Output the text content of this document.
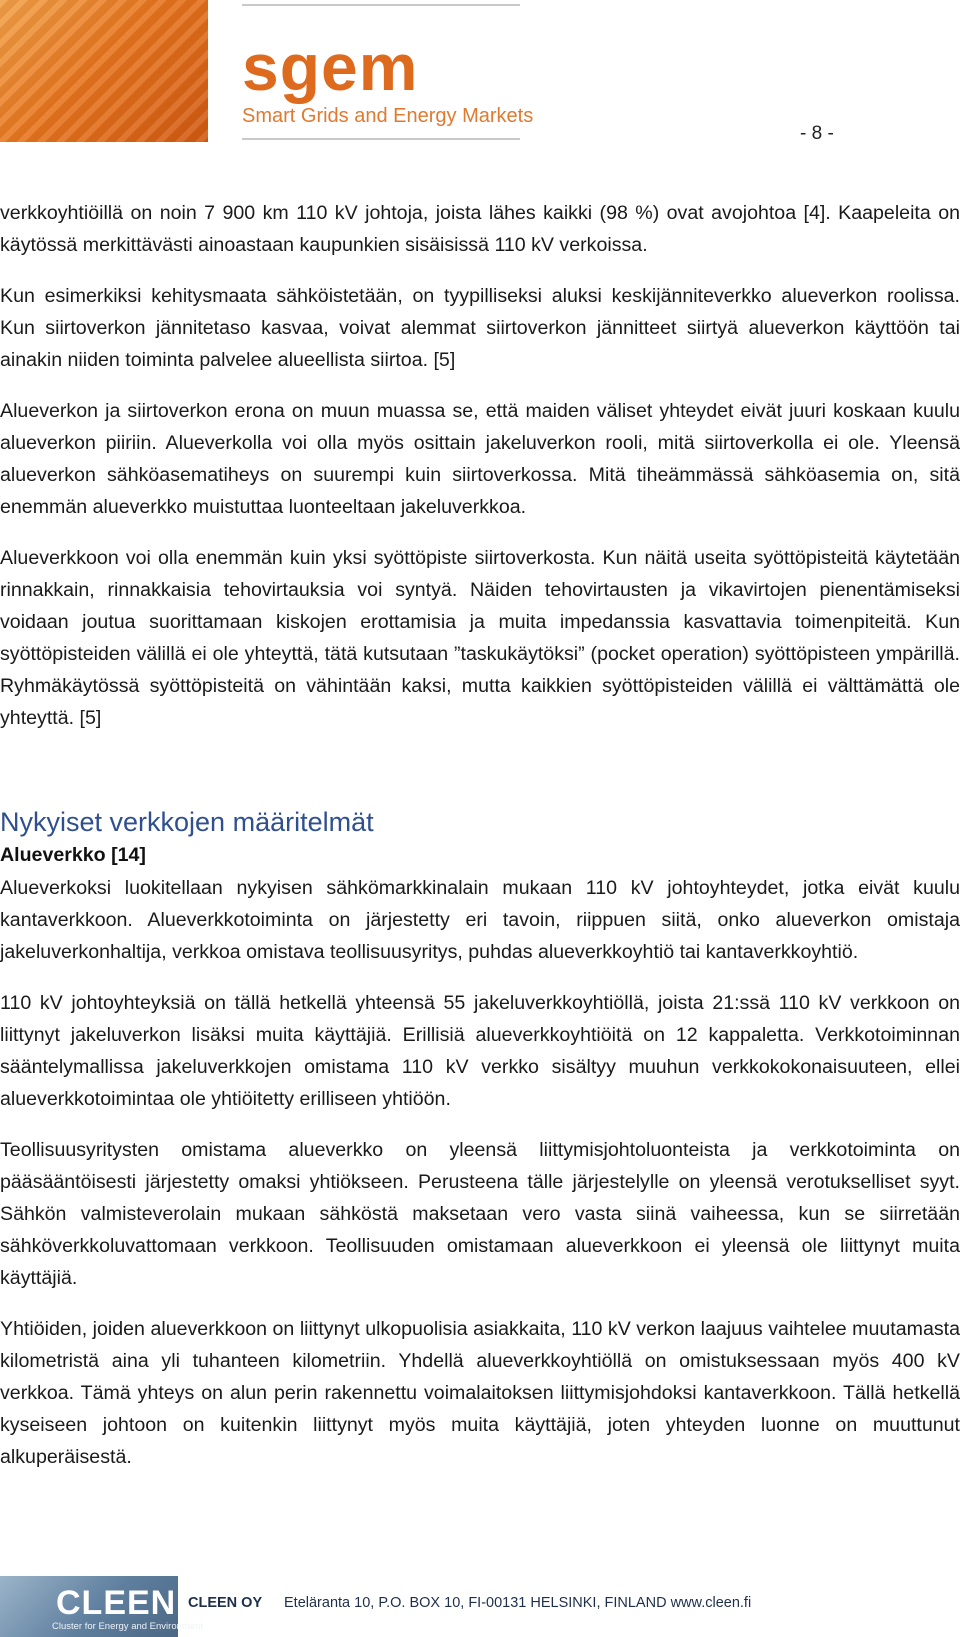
sgem
Smart Grids and Energy Markets
- 8 -

verkkoyhtiöillä on noin 7 900 km 110 kV johtoja, joista lähes kaikki (98 %) ovat avojohtoa [4]. Kaapeleita on käytössä merkittävästi ainoastaan kaupunkien sisäisissä 110 kV verkoissa.

Kun esimerkiksi kehitysmaata sähköistetään, on tyypilliseksi aluksi keskijänniteverkko alueverkon roolissa. Kun siirtoverkon jännitetaso kasvaa, voivat alemmat siirtoverkon jännitteet siirtyä alueverkon käyttöön tai ainakin niiden toiminta palvelee alueellista siirtoa. [5]

Alueverkon ja siirtoverkon erona on muun muassa se, että maiden väliset yhteydet eivät juuri koskaan kuulu alueverkon piiriin. Alueverkolla voi olla myös osittain jakeluverkon rooli, mitä siirtoverkolla ei ole. Yleensä alueverkon sähköasematiheys on suurempi kuin siirtoverkossa. Mitä tiheämmässä sähköasemia on, sitä enemmän alueverkko muistuttaa luonteeltaan jakeluverkkoa.

Alueverkkoon voi olla enemmän kuin yksi syöttöpiste siirtoverkosta. Kun näitä useita syöttöpisteitä käytetään rinnakkain, rinnakkaisia tehovirtauksia voi syntyä. Näiden tehovirtausten ja vikavirtojen pienentämiseksi voidaan joutua suorittamaan kiskojen erottamisia ja muita impedanssia kasvattavia toimenpiteitä. Kun syöttöpisteiden välillä ei ole yhteyttä, tätä kutsutaan ”taskukäytöksi” (pocket operation) syöttöpisteen ympärillä. Ryhmäkäytössä syöttöpisteitä on vähintään kaksi, mutta kaikkien syöttöpisteiden välillä ei välttämättä ole yhteyttä. [5]

Nykyiset verkkojen määritelmät
Alueverkko [14]

Alueverkoksi luokitellaan nykyisen sähkömarkkinalain mukaan 110 kV johtoyhteydet, jotka eivät kuulu kantaverkkoon. Alueverkkotoiminta on järjestetty eri tavoin, riippuen siitä, onko alueverkon omistaja jakeluverkonhaltija, verkkoa omistava teollisuusyritys, puhdas alueverkkoyhtiö tai kantaverkkoyhtiö.

110 kV johtoyhteyksiä on tällä hetkellä yhteensä 55 jakeluverkkoyhtiöllä, joista 21:ssä 110 kV verkkoon on liittynyt jakeluverkon lisäksi muita käyttäjiä. Erillisiä alueverkkoyhtiöitä on 12 kappaletta. Verkkotoiminnan sääntelymallissa jakeluverkkojen omistama 110 kV verkko sisältyy muuhun verkkokokonaisuuteen, ellei alueverkkotoimintaa ole yhtiöitetty erilliseen yhtiöön.

Teollisuusyritysten omistama alueverkko on yleensä liittymisjohtoluonteista ja verkkotoiminta on pääsääntöisesti järjestetty omaksi yhtiökseen. Perusteena tälle järjestelylle on yleensä verotukselliset syyt. Sähkön valmisteverolain mukaan sähköstä maksetaan vero vasta siinä vaiheessa, kun se siirretään sähköverkkoluvattomaan verkkoon. Teollisuuden omistamaan alueverkkoon ei yleensä ole liittynyt muita käyttäjiä.

Yhtiöiden, joiden alueverkkoon on liittynyt ulkopuolisia asiakkaita, 110 kV verkon laajuus vaihtelee muutamasta kilometristä aina yli tuhanteen kilometriin. Yhdellä alueverkkoyhtiöllä on omistuksessaan myös 400 kV verkkoa. Tämä yhteys on alun perin rakennettu voimalaitoksen liittymisjohdoksi kantaverkkoon. Tällä hetkellä kyseiseen johtoon on kuitenkin liittynyt myös muita käyttäjiä, joten yhteyden luonne on muuttunut alkuperäisestä.

CLEEN
Cluster for Energy and Environment
CLEEN OY Eteläranta 10, P.O. BOX 10, FI-00131 HELSINKI, FINLAND www.cleen.fi
